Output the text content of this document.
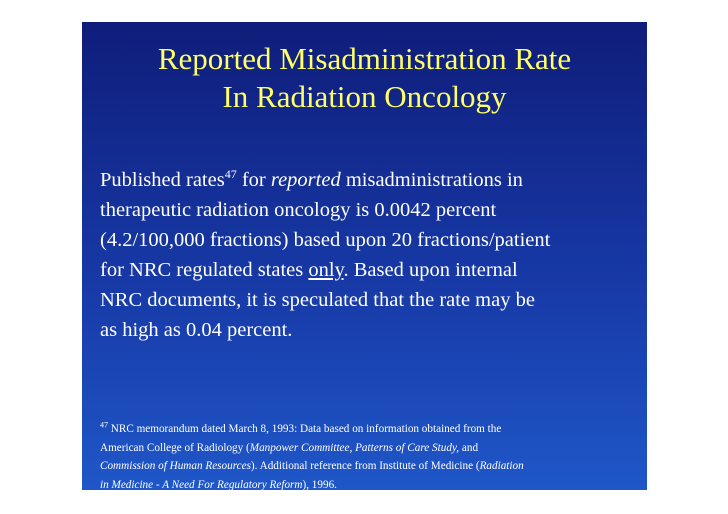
Reported Misadministration Rate
In Radiation Oncology
Published rates$^{47}$ for reported misadministrations in
therapeutic radiation oncology is 0.0042 percent
(4.2/100,000 fractions) based upon 20 fractions/patient
for NRC regulated states only. Based upon internal
NRC documents, it is speculated that the rate may be
as high as 0.04 percent.
$^{47}$ NRC memorandum dated March 8, 1993: Data based on information obtained from the
American College of Radiology (Manpower Committee, Patterns of Care Study, and
Commission of Human Resources). Additional reference from Institute of Medicine (Radiation
in Medicine - A Need For Regulatory Reform), 1996.
